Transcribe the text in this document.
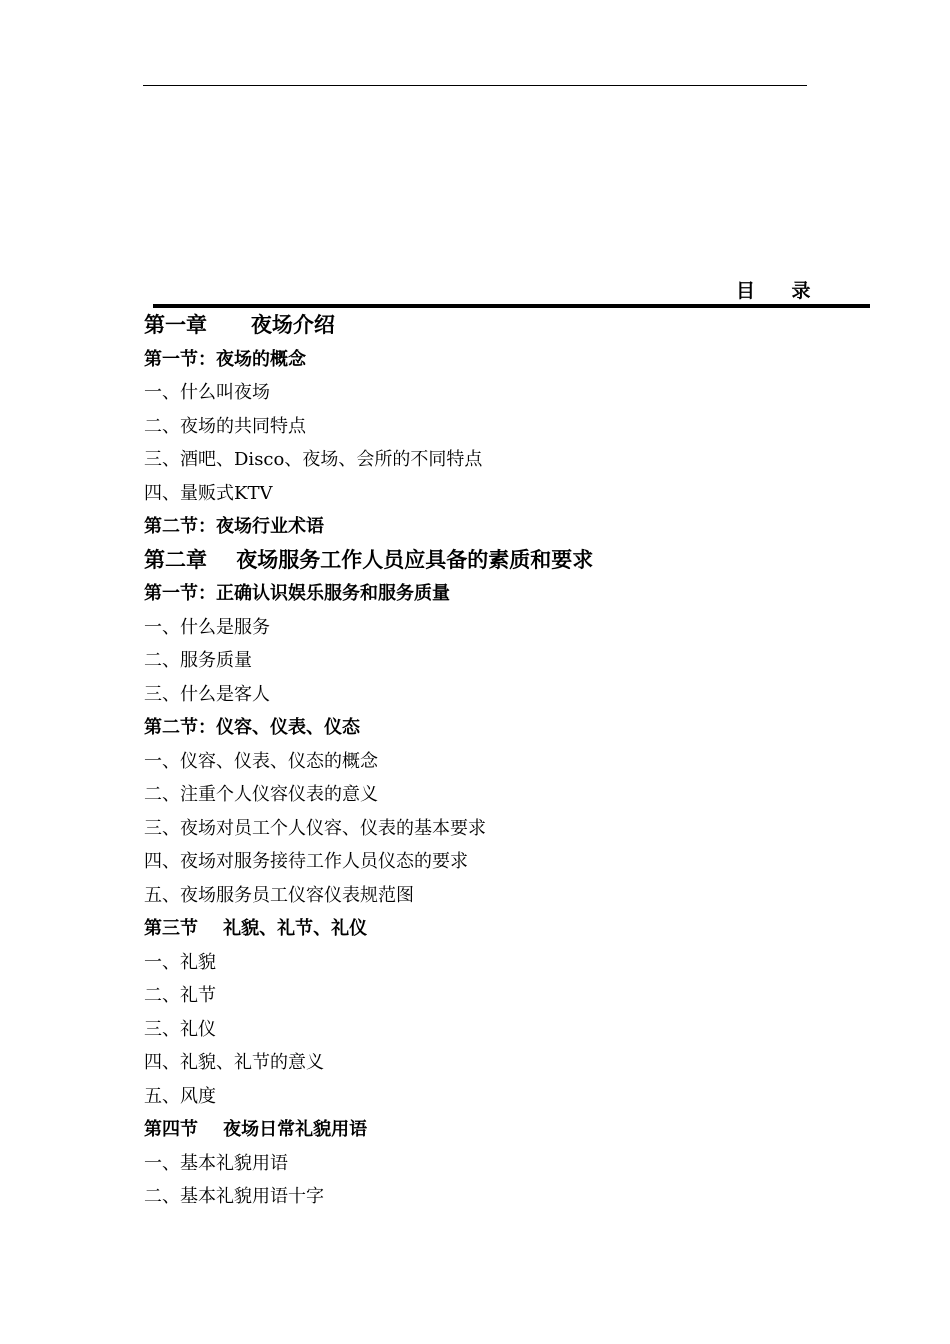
目    录
第一章      夜场介绍
第一节：夜场的概念
一、什么叫夜场
二、夜场的共同特点
三、酒吧、Disco、夜场、会所的不同特点
四、量贩式KTV
第二节：夜场行业术语
第二章    夜场服务工作人员应具备的素质和要求
第一节：正确认识娱乐服务和服务质量
一、什么是服务
二、服务质量
三、什么是客人
第二节：仪容、仪表、仪态
一、仪容、仪表、仪态的概念
二、注重个人仪容仪表的意义
三、夜场对员工个人仪容、仪表的基本要求
四、夜场对服务接待工作人员仪态的要求
五、夜场服务员工仪容仪表规范图
第三节    礼貌、礼节、礼仪
一、礼貌
二、礼节
三、礼仪
四、礼貌、礼节的意义
五、风度
第四节    夜场日常礼貌用语
一、基本礼貌用语
二、基本礼貌用语十字
